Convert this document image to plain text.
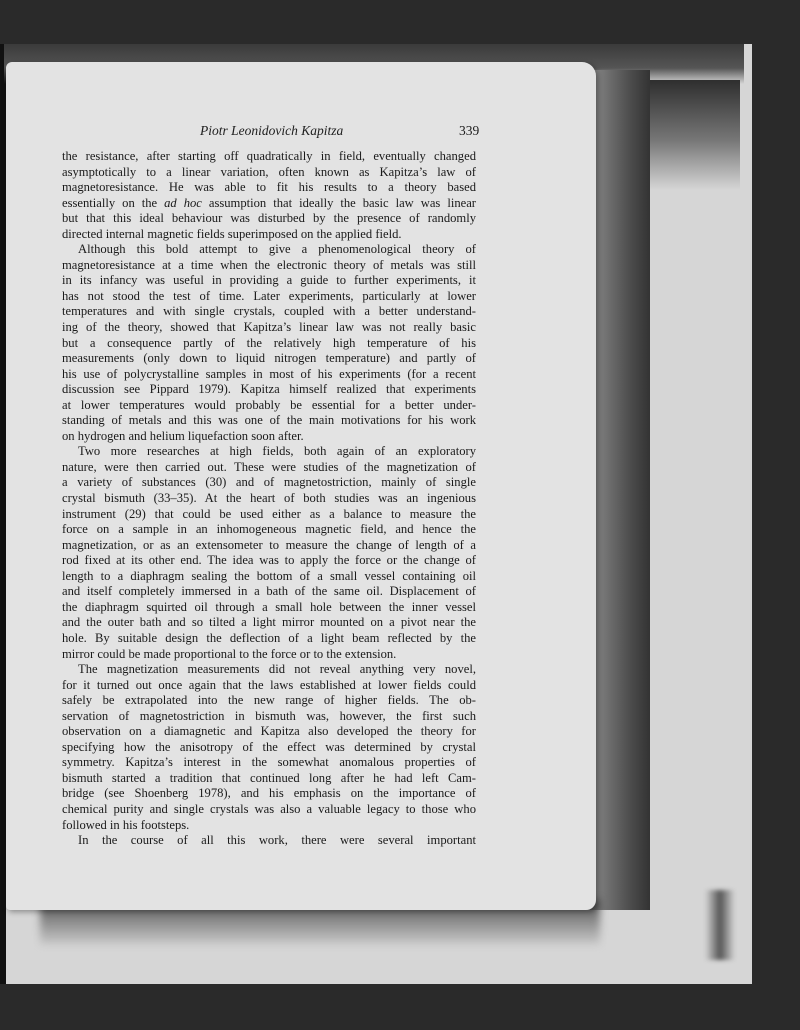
Piotr Leonidovich Kapitza	339
the resistance, after starting off quadratically in field, eventually changed
asymptotically to a linear variation, often known as Kapitza’s law of
magnetoresistance. He was able to fit his results to a theory based
essentially on the ad hoc assumption that ideally the basic law was linear
but that this ideal behaviour was disturbed by the presence of randomly
directed internal magnetic fields superimposed on the applied field.
Although this bold attempt to give a phenomenological theory of
magnetoresistance at a time when the electronic theory of metals was still
in its infancy was useful in providing a guide to further experiments, it
has not stood the test of time. Later experiments, particularly at lower
temperatures and with single crystals, coupled with a better understand-
ing of the theory, showed that Kapitza’s linear law was not really basic
but a consequence partly of the relatively high temperature of his
measurements (only down to liquid nitrogen temperature) and partly of
his use of polycrystalline samples in most of his experiments (for a recent
discussion see Pippard 1979). Kapitza himself realized that experiments
at lower temperatures would probably be essential for a better under-
standing of metals and this was one of the main motivations for his work
on hydrogen and helium liquefaction soon after.
Two more researches at high fields, both again of an exploratory
nature, were then carried out. These were studies of the magnetization of
a variety of substances (30) and of magnetostriction, mainly of single
crystal bismuth (33–35). At the heart of both studies was an ingenious
instrument (29) that could be used either as a balance to measure the
force on a sample in an inhomogeneous magnetic field, and hence the
magnetization, or as an extensometer to measure the change of length of a
rod fixed at its other end. The idea was to apply the force or the change of
length to a diaphragm sealing the bottom of a small vessel containing oil
and itself completely immersed in a bath of the same oil. Displacement of
the diaphragm squirted oil through a small hole between the inner vessel
and the outer bath and so tilted a light mirror mounted on a pivot near the
hole. By suitable design the deflection of a light beam reflected by the
mirror could be made proportional to the force or to the extension.
The magnetization measurements did not reveal anything very novel,
for it turned out once again that the laws established at lower fields could
safely be extrapolated into the new range of higher fields. The ob-
servation of magnetostriction in bismuth was, however, the first such
observation on a diamagnetic and Kapitza also developed the theory for
specifying how the anisotropy of the effect was determined by crystal
symmetry. Kapitza’s interest in the somewhat anomalous properties of
bismuth started a tradition that continued long after he had left Cam-
bridge (see Shoenberg 1978), and his emphasis on the importance of
chemical purity and single crystals was also a valuable legacy to those who
followed in his footsteps.
In the course of all this work, there were several important
